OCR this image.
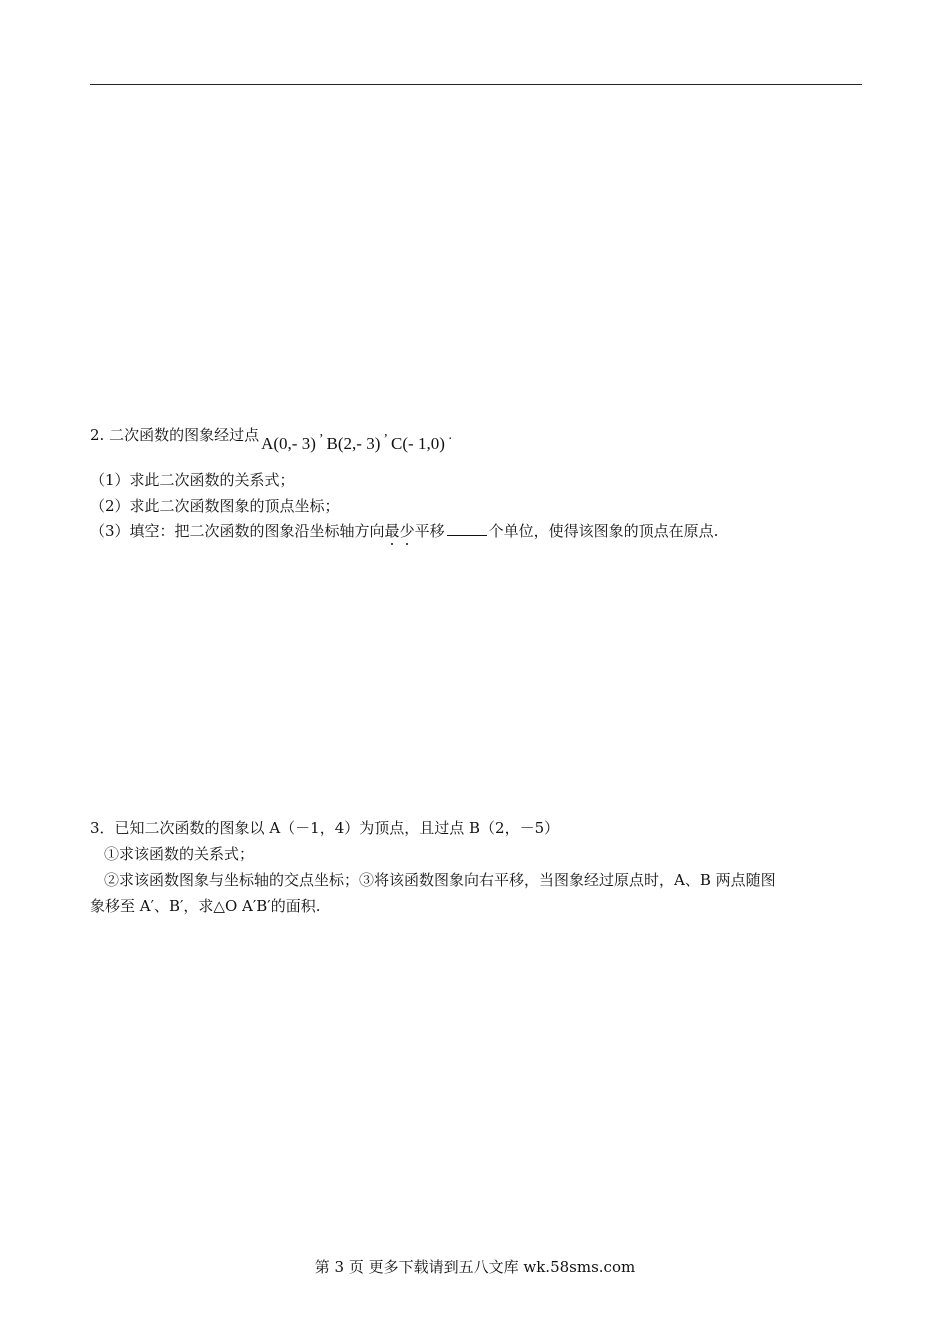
2. 二次函数的图象经过点 A(0,- 3) ’ B(2,- 3) ’ C(- 1,0) ·
（1）求此二次函数的关系式；
（2）求此二次函数图象的顶点坐标；
（3）填空：把二次函数的图象沿坐标轴方向最少平移	个单位，使得该图象的顶点在原点.
3．已知二次函数的图象以 A（－1，4）为顶点，且过点 B（2，－5）
①求该函数的关系式；
②求该函数图象与坐标轴的交点坐标；③将该函数图象向右平移，当图象经过原点时，A、B 两点随图
象移至 A′、B′，求△O A′B′的面积.
第 3 页 更多下载请到五八文库 wk.58sms.com
